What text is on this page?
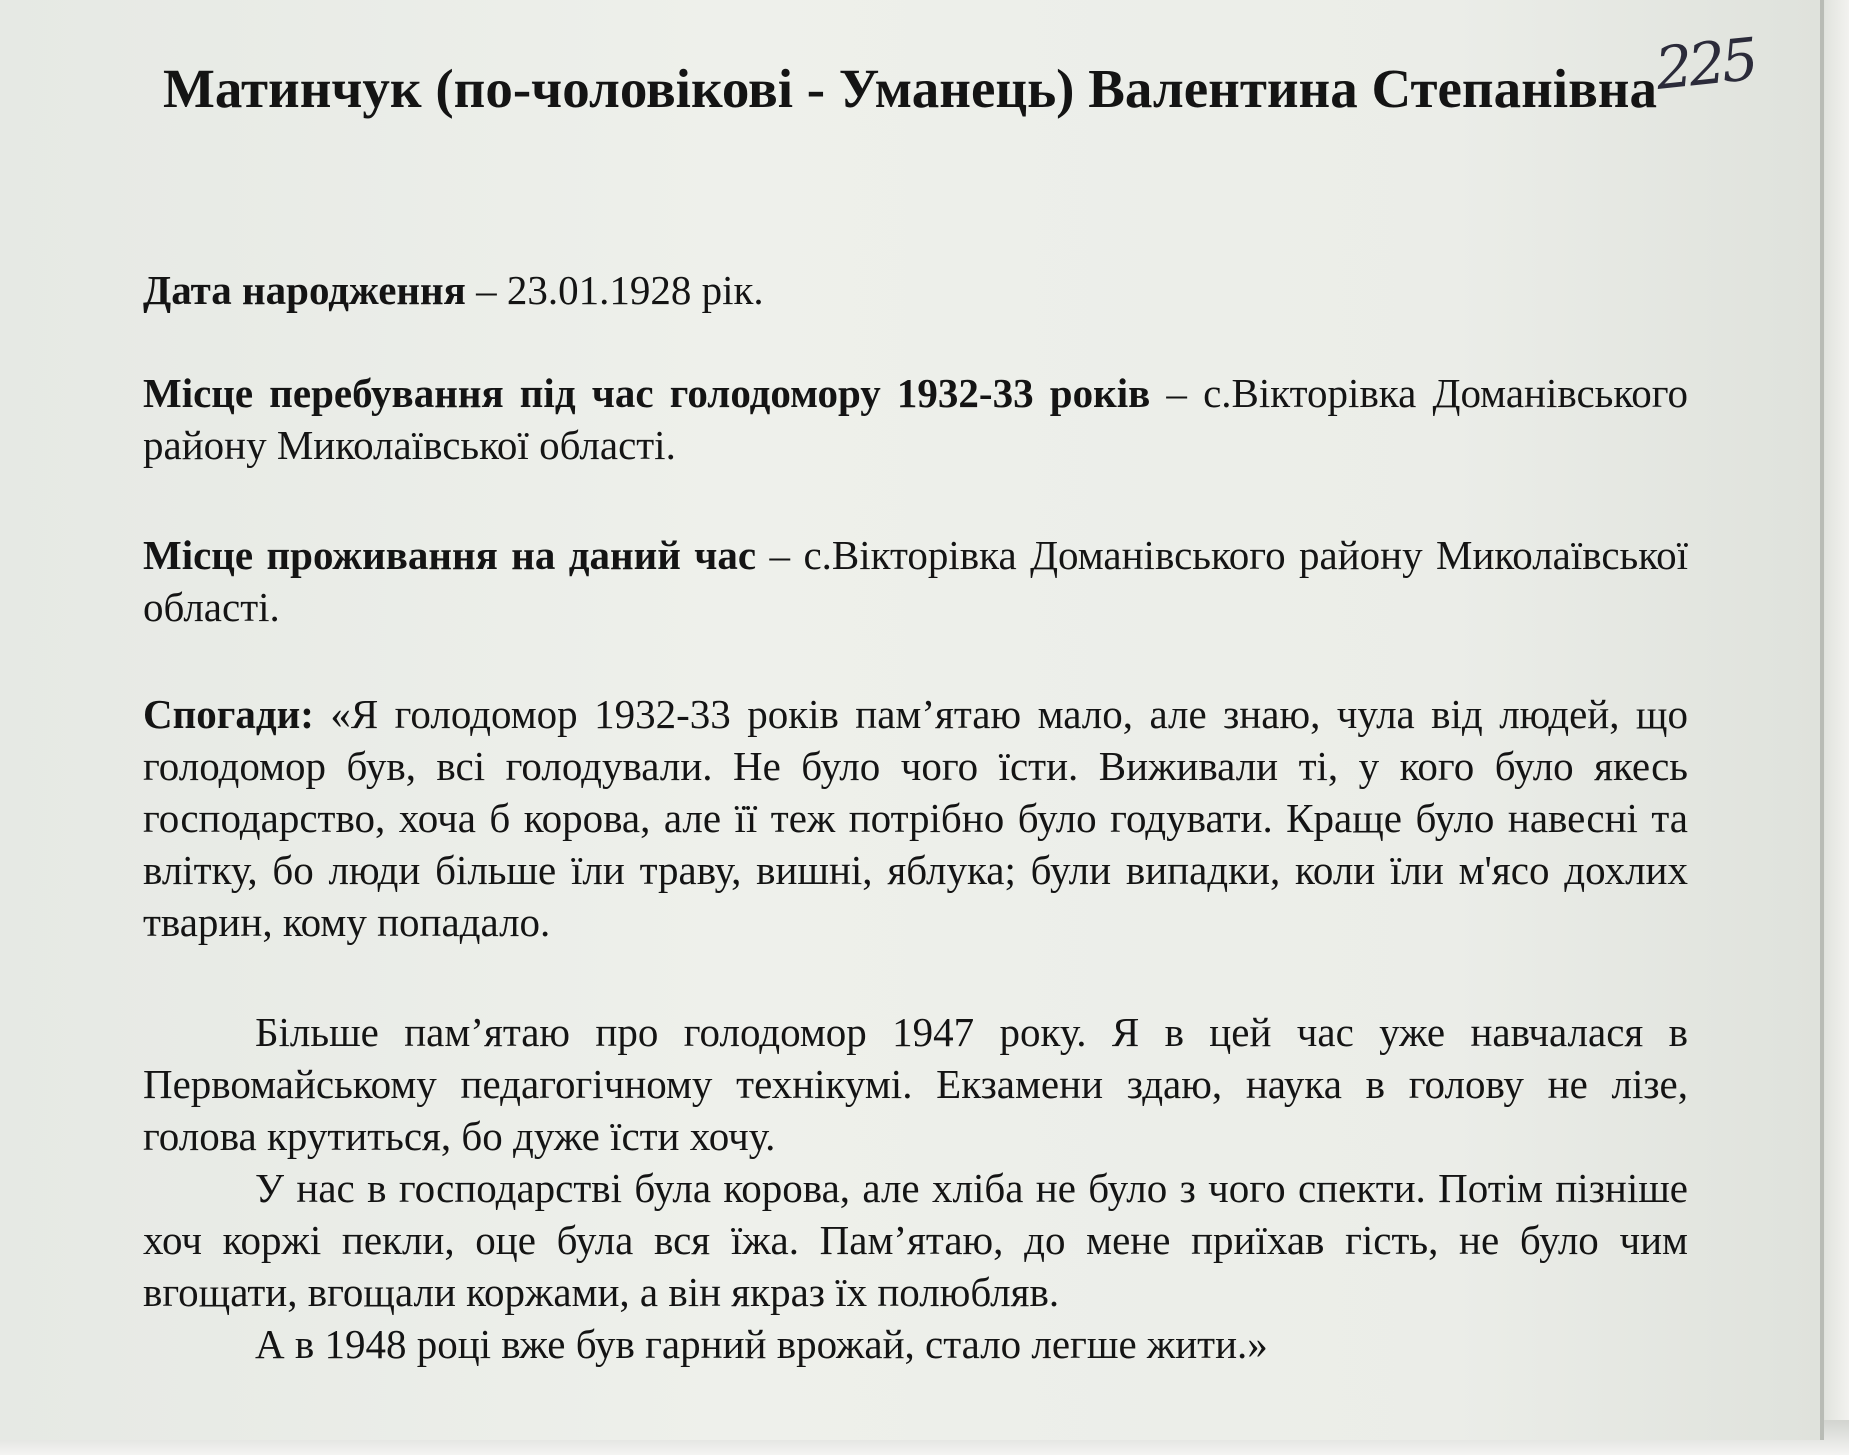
225
Матинчук (по-чоловікові - Уманець) Валентина Степанівна

Дата народження – 23.01.1928 рік.

Місце перебування під час голодомору 1932-33 років – с.Вікторівка Доманівського району Миколаївської області.

Місце проживання на даний час – с.Вікторівка Доманівського району Миколаївської області.

Спогади: «Я голодомор 1932-33 років пам’ятаю мало, але знаю, чула від людей, що голодомор був, всі голодували. Не було чого їсти. Виживали ті, у кого було якесь господарство, хоча б корова, але її теж потрібно було годувати. Краще було навесні та влітку, бо люди більше їли траву, вишні, яблука; були випадки, коли їли м'ясо дохлих тварин, кому попадало.

Більше пам’ятаю про голодомор 1947 року. Я в цей час уже навчалася в Первомайському педагогічному технікумі. Екзамени здаю, наука в голову не лізе, голова крутиться, бо дуже їсти хочу.

У нас в господарстві була корова, але хліба не було з чого спекти. Потім пізніше хоч коржі пекли, оце була вся їжа. Пам’ятаю, до мене приїхав гість, не було чим вгощати, вгощали коржами, а він якраз їх полюбляв.

А в 1948 році вже був гарний врожай, стало легше жити.»
